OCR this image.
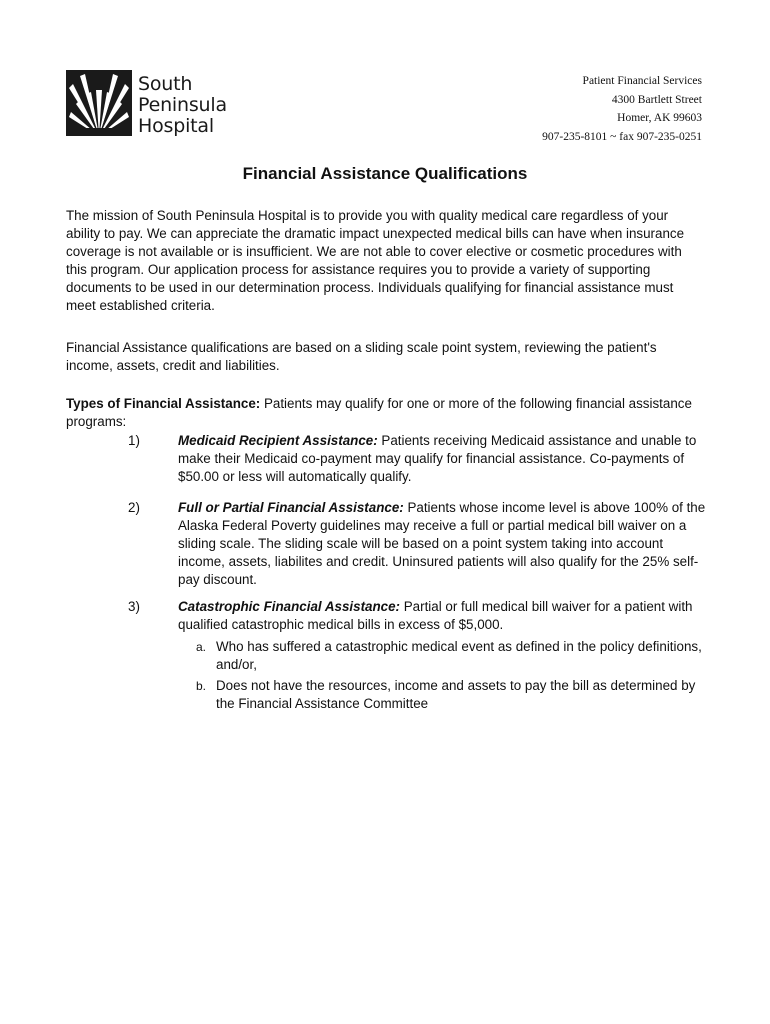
South
Peninsula
Hospital
Patient Financial Services
4300 Bartlett Street
Homer, AK 99603
907-235-8101 ~ fax 907-235-0251
Financial Assistance Qualifications

The mission of South Peninsula Hospital is to provide you with quality medical care regardless of your ability to pay. We can appreciate the dramatic impact unexpected medical bills can have when insurance coverage is not available or is insufficient. We are not able to cover elective or cosmetic procedures with this program. Our application process for assistance requires you to provide a variety of supporting documents to be used in our determination process. Individuals qualifying for financial assistance must meet established criteria.

Financial Assistance qualifications are based on a sliding scale point system, reviewing the patient's income, assets, credit and liabilities.

Types of Financial Assistance: Patients may qualify for one or more of the following financial assistance programs:

1)	Medicaid Recipient Assistance: Patients receiving Medicaid assistance and unable to make their Medicaid co-payment may qualify for financial assistance. Co-payments of $50.00 or less will automatically qualify.
2)	Full or Partial Financial Assistance: Patients whose income level is above 100% of the Alaska Federal Poverty guidelines may receive a full or partial medical bill waiver on a sliding scale. The sliding scale will be based on a point system taking into account income, assets, liabilites and credit. Uninsured patients will also qualify for the 25% self-pay discount.
3)	Catastrophic Financial Assistance: Partial or full medical bill waiver for a patient with qualified catastrophic medical bills in excess of $5,000.
a. Who has suffered a catastrophic medical event as defined in the policy definitions, and/or,
b. Does not have the resources, income and assets to pay the bill as determined by the Financial Assistance Committee
